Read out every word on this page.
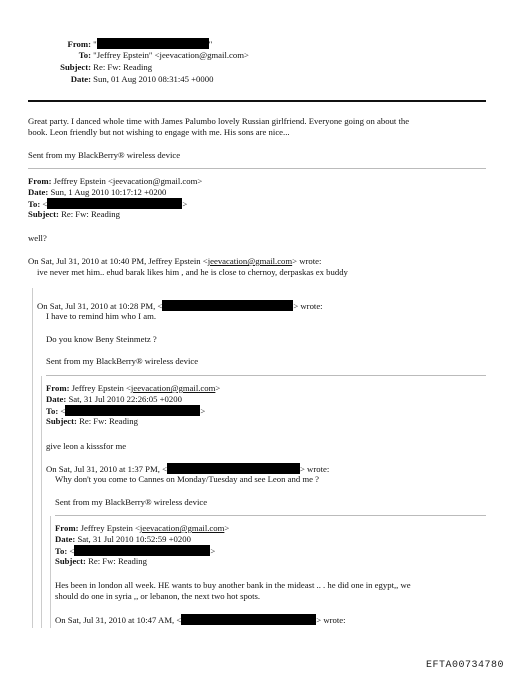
From: "	"
To: "Jeffrey Epstein" <jeevacation@gmail.com>
Subject: Re: Fw: Reading
Date: Sun, 01 Aug 2010 08:31:45 +0000
Great party. I danced whole time with James Palumbo lovely Russian girlfriend. Everyone going on about the
book. Leon friendly but not wishing to engage with me. His sons are nice...
Sent from my BlackBerry® wireless device
From: Jeffrey Epstein <jeevacation@gmail.com>
Date: Sun, 1 Aug 2010 10:17:12 +0200
To: <	>
Subject: Re: Fw: Reading
well?
On Sat, Jul 31, 2010 at 10:40 PM, Jeffrey Epstein <jeevacation@gmail.com> wrote:
ive never met him.. ehud barak likes him , and he is close to chernoy, derpaskas ex buddy
On Sat, Jul 31, 2010 at 10:28 PM, <	> wrote:
I have to remind him who I am.
Do you know Beny Steinmetz ?
Sent from my BlackBerry® wireless device
From: Jeffrey Epstein <jeevacation@gmail.com>
Date: Sat, 31 Jul 2010 22:26:05 +0200
To: <	>
Subject: Re: Fw: Reading
give leon a kisssfor me
On Sat, Jul 31, 2010 at 1:37 PM, <	> wrote:
Why don't you come to Cannes on Monday/Tuesday and see Leon and me ?
Sent from my BlackBerry® wireless device
From: Jeffrey Epstein <jeevacation@gmail.com>
Date: Sat, 31 Jul 2010 10:52:59 +0200
To: <	>
Subject: Re: Fw: Reading
Hes been in london all week. HE wants to buy another bank in the mideast .. . he did one in egypt,, we
should do one in syria ,, or lebanon, the next two hot spots.
On Sat, Jul 31, 2010 at 10:47 AM, <	> wrote:
EFTA00734780
